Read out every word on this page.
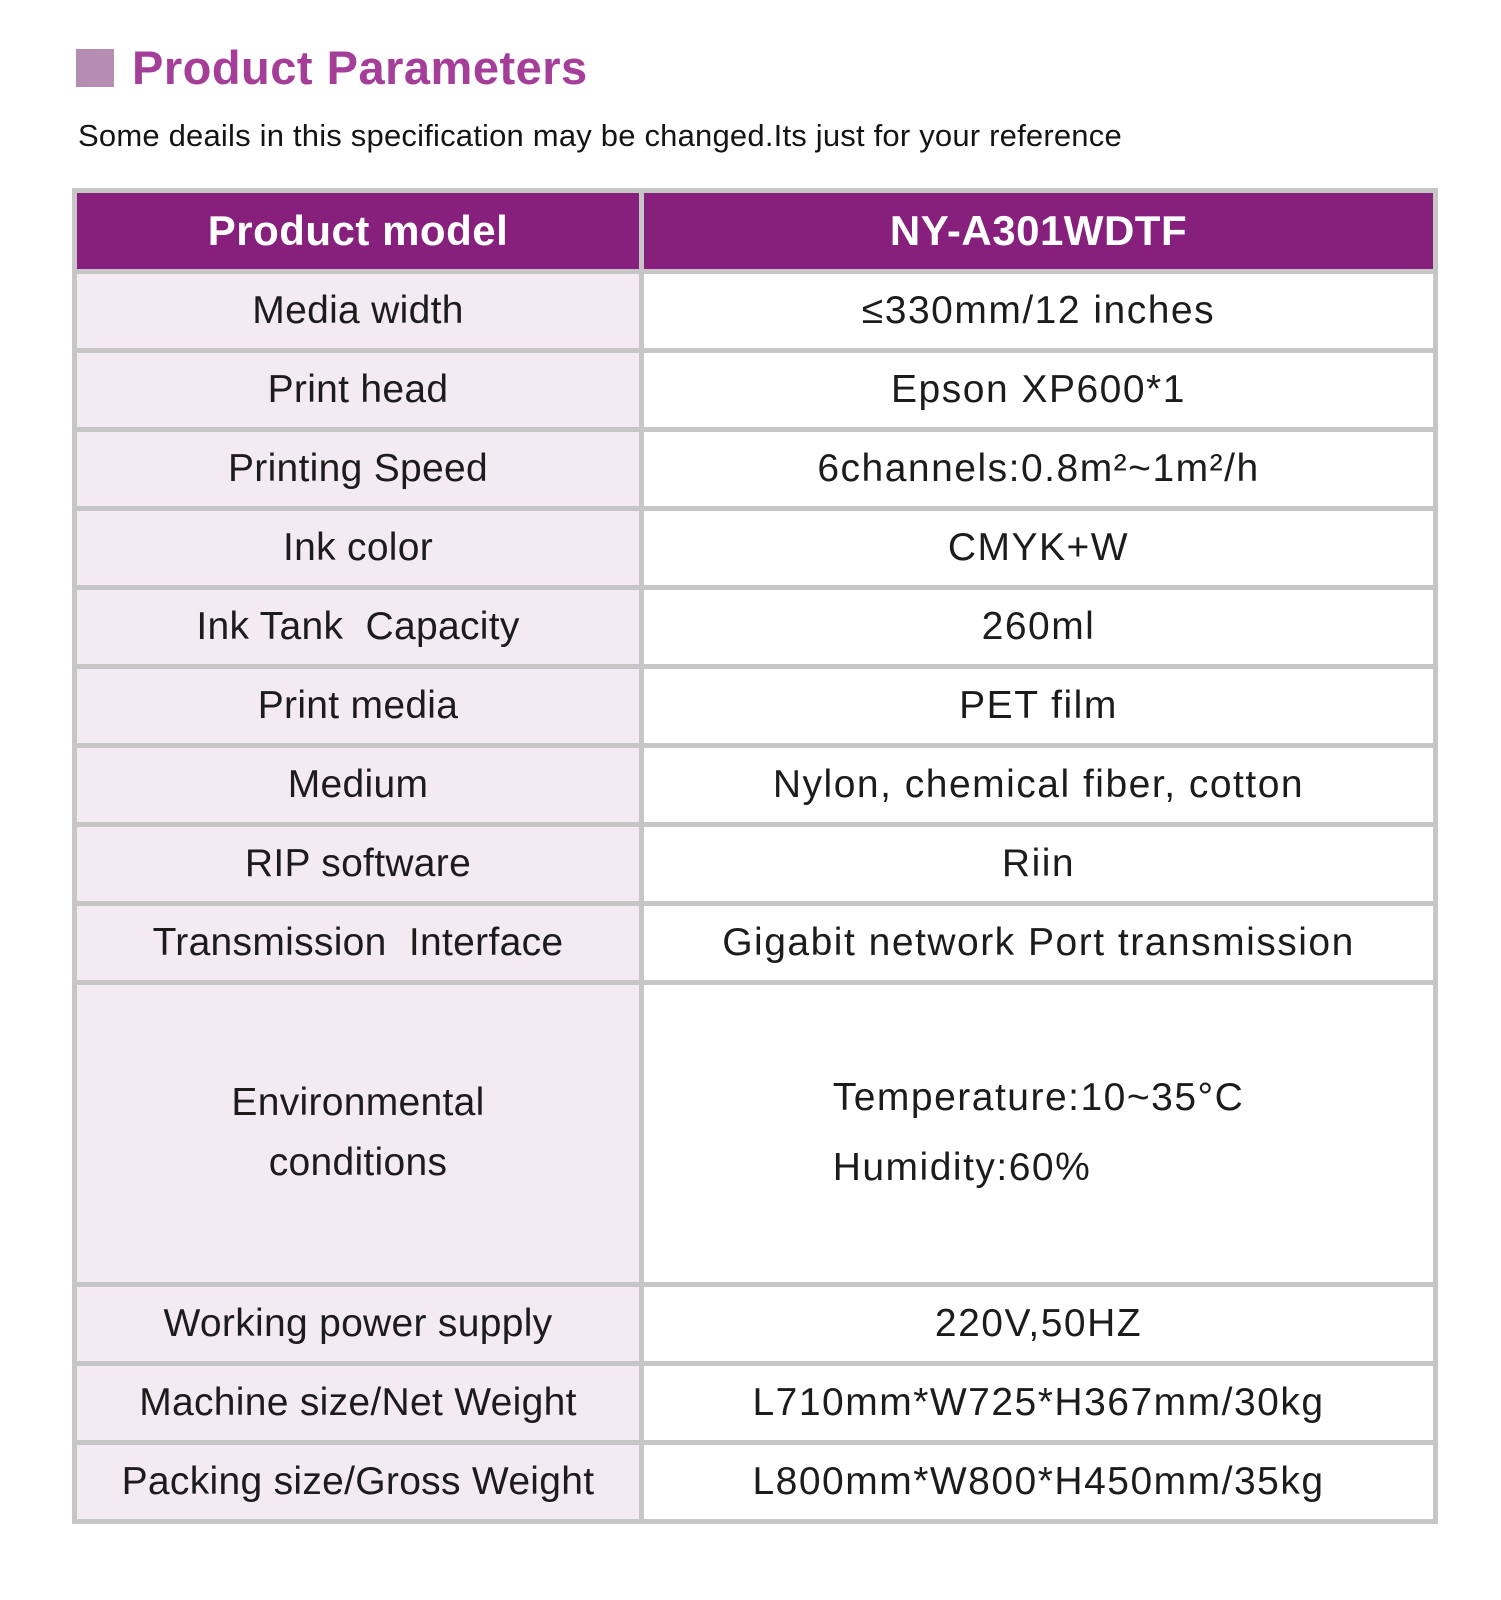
Product Parameters
Some deails in this specification may be changed.Its just for your reference
Product model	NY-A301WDTF
Media width	≤330mm/12 inches
Print head	Epson XP600*1
Printing Speed	6channels:0.8m²~1m²/h
Ink color	CMYK+W
Ink Tank  Capacity	260ml
Print media	PET film
Medium	Nylon, chemical fiber, cotton
RIP software	Riin
Transmission  Interface	Gigabit network Port transmission

Environmental conditions	Temperature:10~35°C
Humidity:60%
Working power supply	220V,50HZ
Machine size/Net Weight	L710mm*W725*H367mm/30kg
Packing size/Gross Weight	L800mm*W800*H450mm/35kg
